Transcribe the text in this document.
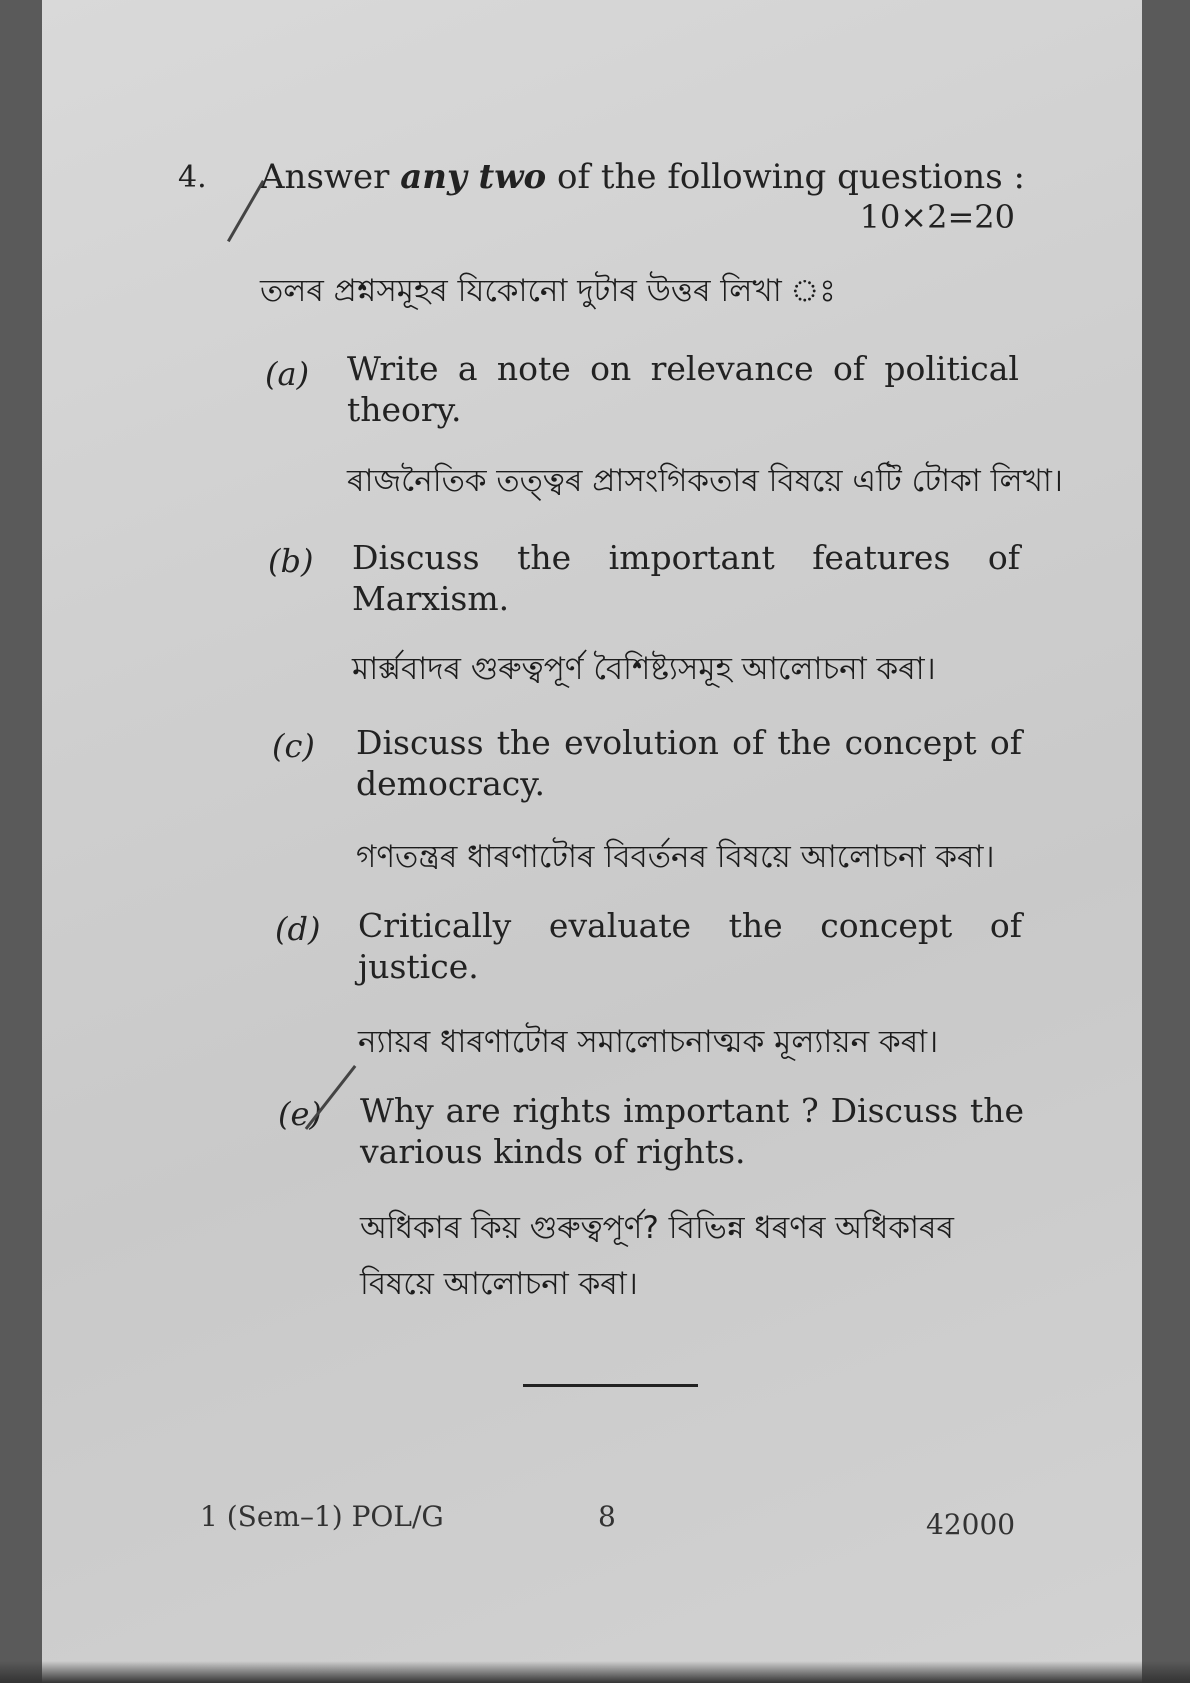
4. Answer any two of the following questions :
10×2=20
তলৰ প্ৰশ্নসমূহৰ যিকোনো দুটাৰ উত্তৰ লিখা ঃ
(a) Write a note on relevance of political theory.
ৰাজনৈতিক তত্ত্বৰ প্ৰাসংগিকতাৰ বিষয়ে এটি টোকা লিখা।
(b) Discuss the important features of Marxism.
মাৰ্ক্সবাদৰ গুৰুত্বপূৰ্ণ বৈশিষ্ট্যসমূহ আলোচনা কৰা।
(c) Discuss the evolution of the concept of democracy.
গণতন্ত্ৰৰ ধাৰণাটোৰ বিবৰ্তনৰ বিষয়ে আলোচনা কৰা।
(d) Critically evaluate the concept of justice.
ন্যায়ৰ ধাৰণাটোৰ সমালোচনাত্মক মূল্যায়ন কৰা।
(e) Why are rights important ? Discuss the various kinds of rights.
অধিকাৰ কিয় গুৰুত্বপূৰ্ণ? বিভিন্ন ধৰণৰ অধিকাৰৰ বিষয়ে আলোচনা কৰা।
1 (Sem–1) POL/G	8	42000
